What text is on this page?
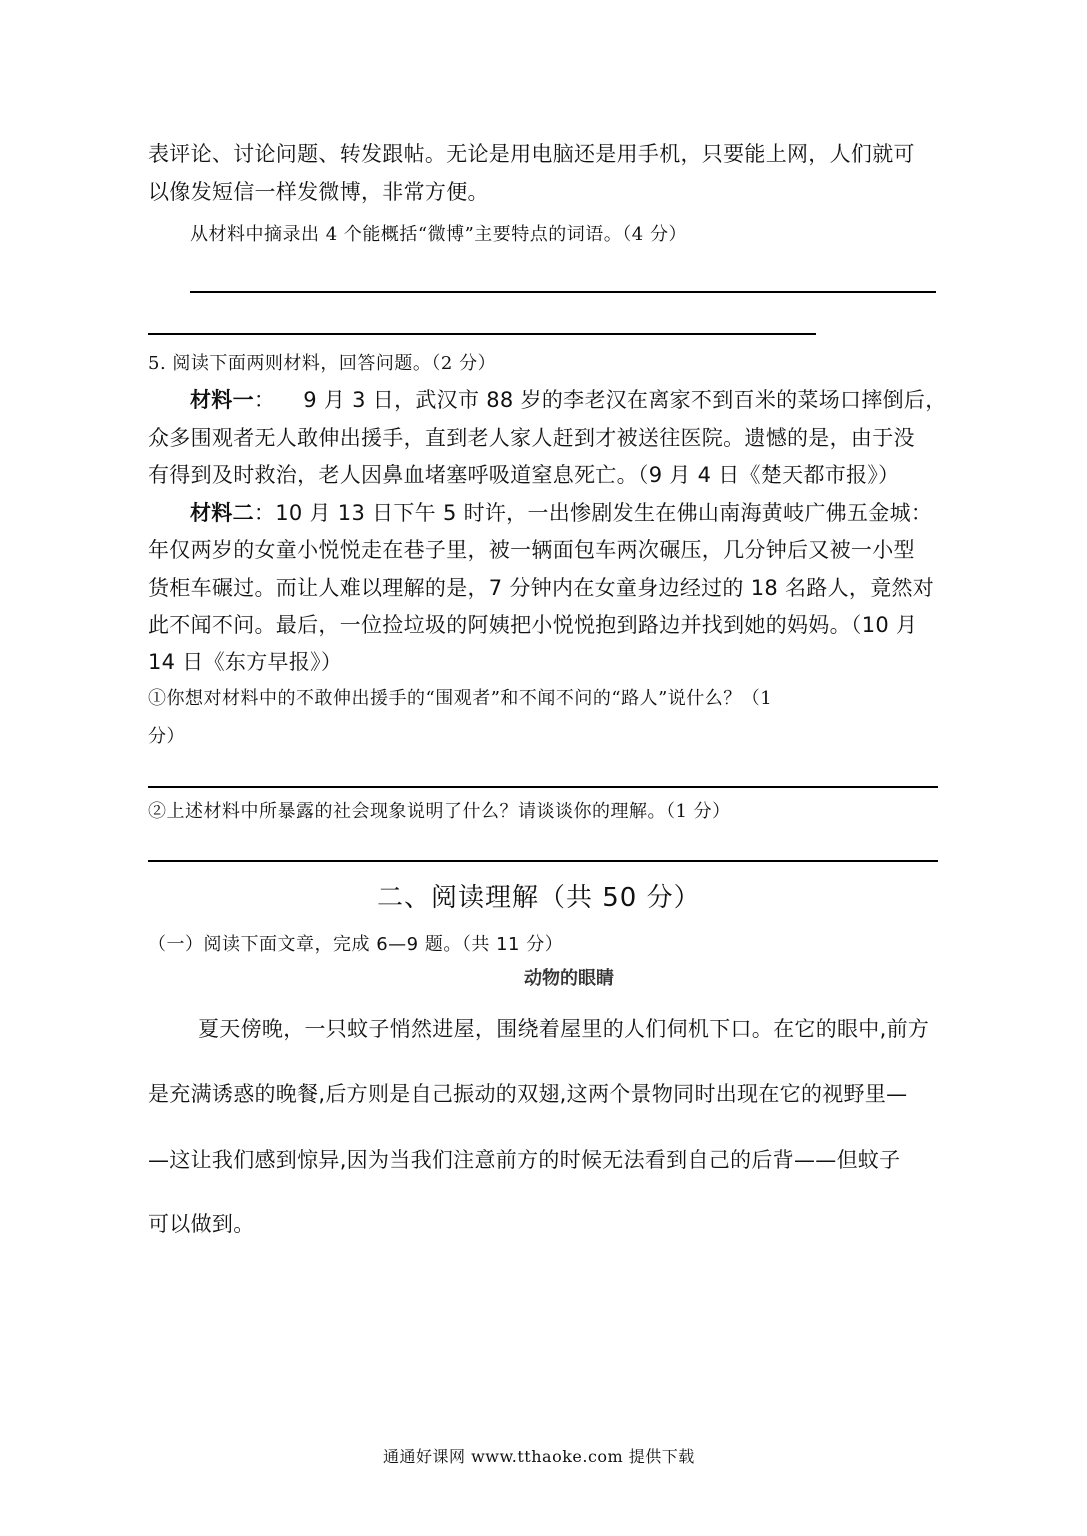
表评论、讨论问题、转发跟帖。无论是用电脑还是用手机，只要能上网，人们就可
以像发短信一样发微博，非常方便。
从材料中摘录出 4 个能概括“微博”主要特点的词语。（4 分）
5. 阅读下面两则材料，回答问题。（2 分）
材料一： 9 月 3 日，武汉市 88 岁的李老汉在离家不到百米的菜场口摔倒后，
众多围观者无人敢伸出援手，直到老人家人赶到才被送往医院。遗憾的是，由于没
有得到及时救治，老人因鼻血堵塞呼吸道窒息死亡。（9 月 4 日《楚天都市报》）
材料二：10 月 13 日下午 5 时许，一出惨剧发生在佛山南海黄岐广佛五金城：
年仅两岁的女童小悦悦走在巷子里，被一辆面包车两次碾压，几分钟后又被一小型
货柜车碾过。而让人难以理解的是，7 分钟内在女童身边经过的 18 名路人，竟然对
此不闻不问。最后，一位捡垃圾的阿姨把小悦悦抱到路边并找到她的妈妈。（10 月
14 日《东方早报》）
①你想对材料中的不敢伸出援手的“围观者”和不闻不问的“路人”说什么？（1
分）
②上述材料中所暴露的社会现象说明了什么？请谈谈你的理解。（1 分）
二、阅读理解（共 50 分）
（一）阅读下面文章，完成 6—9 题。（共 11 分）
动物的眼睛
夏天傍晚，一只蚊子悄然进屋，围绕着屋里的人们伺机下口。在它的眼中,前方
是充满诱惑的晚餐,后方则是自己振动的双翅,这两个景物同时出现在它的视野里—
—这让我们感到惊异,因为当我们注意前方的时候无法看到自己的后背——但蚊子
可以做到。
通通好课网 www.tthaoke.com 提供下载
